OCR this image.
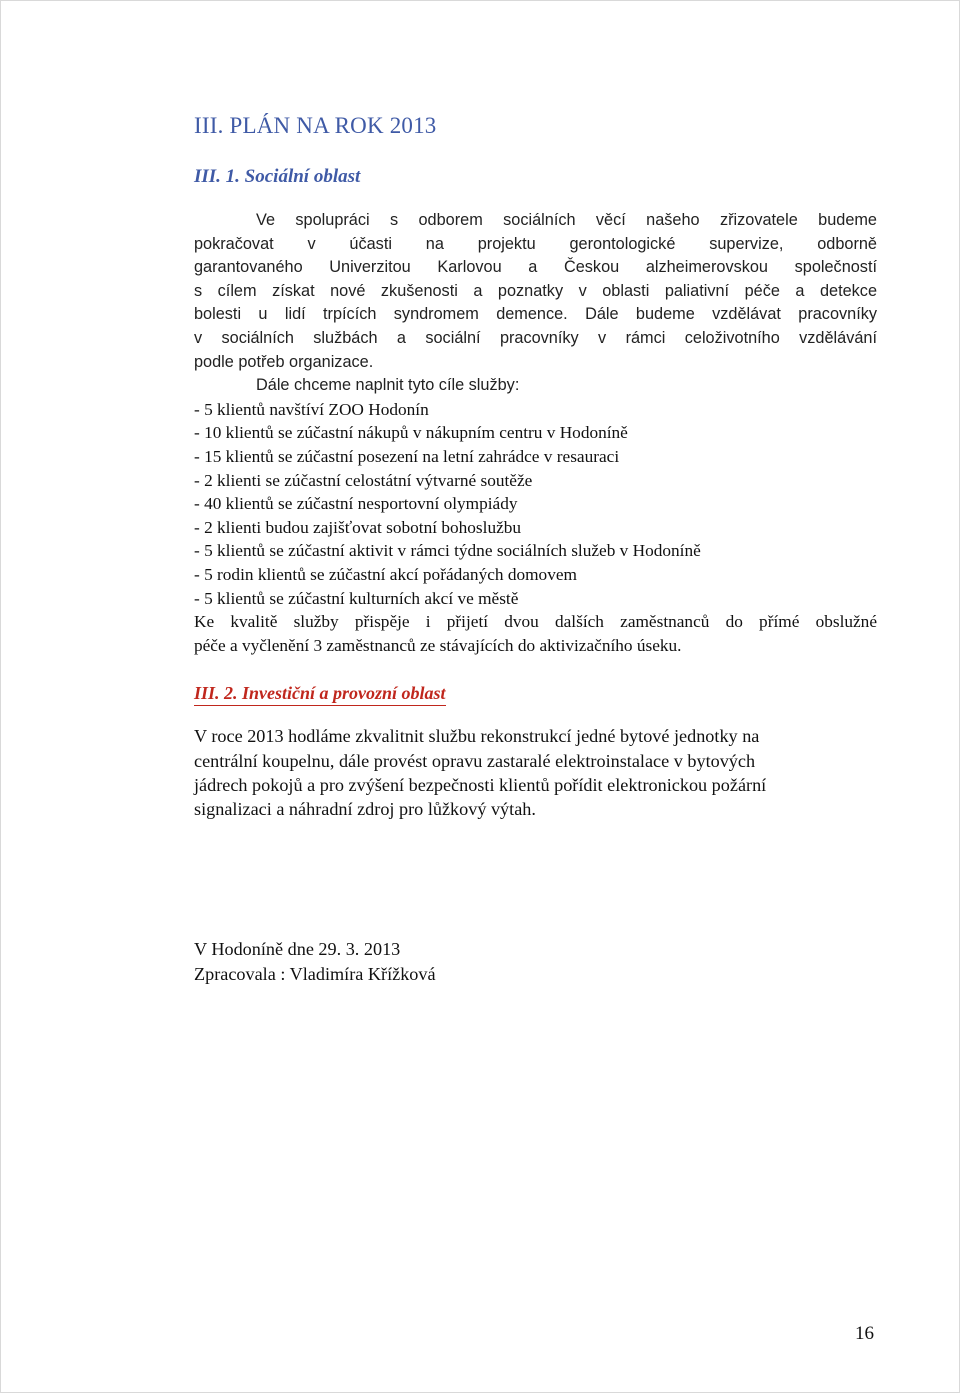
III. PLÁN NA ROK 2013
III. 1. Sociální oblast

Ve spolupráci s odborem sociálních věcí našeho zřizovatele budeme

pokračovat v účasti na projektu gerontologické supervize, odborně

garantovaného Univerzitou Karlovou a Českou alzheimerovskou společností

s cílem získat nové zkušenosti a poznatky v oblasti paliativní péče a detekce

bolesti u lidí trpících syndromem demence. Dále budeme vzdělávat pracovníky

v sociálních službách a sociální pracovníky v rámci celoživotního vzdělávání

podle potřeb organizace.

Dále chceme naplnit tyto cíle služby:

- 5 klientů navštíví ZOO Hodonín
- 10 klientů se zúčastní nákupů v nákupním centru v Hodoníně
- 15 klientů se zúčastní posezení na letní zahrádce v resauraci
- 2 klienti se zúčastní celostátní výtvarné soutěže
- 40 klientů se zúčastní nesportovní olympiády
- 2 klienti budou zajišťovat sobotní bohoslužbu
- 5 klientů se zúčastní aktivit v rámci týdne sociálních služeb v Hodoníně
- 5 rodin klientů se zúčastní akcí pořádaných domovem
- 5 klientů se zúčastní kulturních akcí ve městě

Ke kvalitě služby přispěje i přijetí dvou dalších zaměstnanců do přímé obslužné

péče a vyčlenění 3 zaměstnanců ze stávajících do aktivizačního úseku.

III. 2. Investiční a provozní oblast

V roce 2013 hodláme zkvalitnit službu rekonstrukcí jedné bytové jednotky na

centrální koupelnu, dále provést opravu zastaralé elektroinstalace v bytových

jádrech pokojů a pro zvýšení bezpečnosti klientů pořídit elektronickou požární

signalizaci a náhradní zdroj pro lůžkový výtah.

V Hodoníně dne 29. 3. 2013

Zpracovala : Vladimíra Křížková

16
